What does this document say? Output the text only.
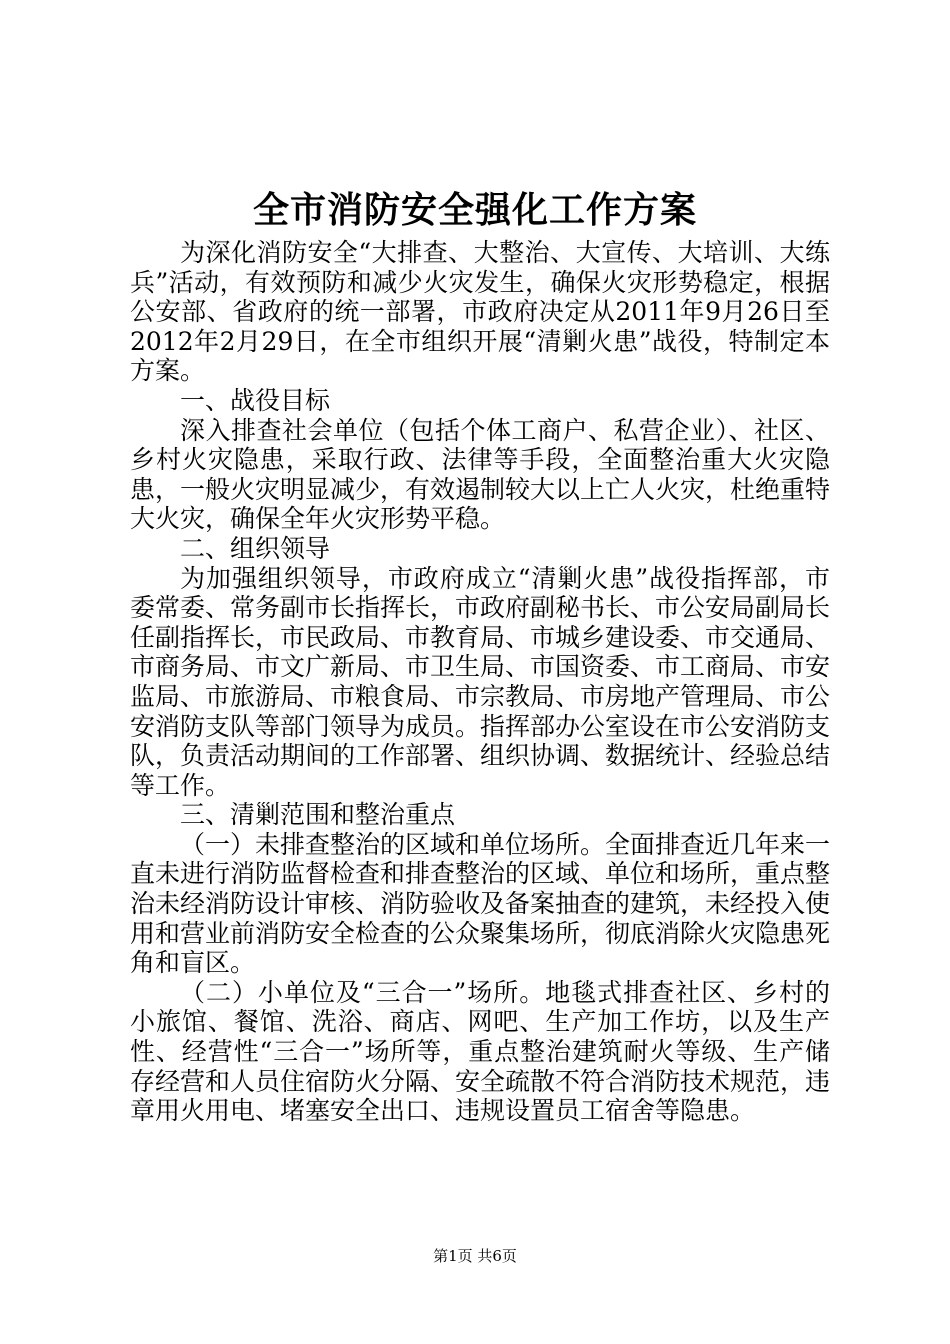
全市消防安全强化工作方案

为深化消防安全“大排查、大整治、大宣传、大培训、大练兵”活动，有效预防和减少火灾发生，确保火灾形势稳定，根据公安部、省政府的统一部署，市政府决定从2011年9月26日至2012年2月29日，在全市组织开展“清剿火患”战役，特制定本方案。

一、战役目标

深入排查社会单位（包括个体工商户、私营企业）、社区、乡村火灾隐患，采取行政、法律等手段，全面整治重大火灾隐患，一般火灾明显减少，有效遏制较大以上亡人火灾，杜绝重特大火灾，确保全年火灾形势平稳。

二、组织领导

为加强组织领导，市政府成立“清剿火患”战役指挥部，市委常委、常务副市长指挥长，市政府副秘书长、市公安局副局长任副指挥长，市民政局、市教育局、市城乡建设委、市交通局、市商务局、市文广新局、市卫生局、市国资委、市工商局、市安监局、市旅游局、市粮食局、市宗教局、市房地产管理局、市公安消防支队等部门领导为成员。指挥部办公室设在市公安消防支队，负责活动期间的工作部署、组织协调、数据统计、经验总结等工作。

三、清剿范围和整治重点

（一）未排查整治的区域和单位场所。全面排查近几年来一直未进行消防监督检查和排查整治的区域、单位和场所，重点整治未经消防设计审核、消防验收及备案抽查的建筑，未经投入使用和营业前消防安全检查的公众聚集场所，彻底消除火灾隐患死角和盲区。

（二）小单位及“三合一”场所。地毯式排查社区、乡村的小旅馆、餐馆、洗浴、商店、网吧、生产加工作坊，以及生产性、经营性“三合一”场所等，重点整治建筑耐火等级、生产储存经营和人员住宿防火分隔、安全疏散不符合消防技术规范，违章用火用电、堵塞安全出口、违规设置员工宿舍等隐患。

第1页 共6页
